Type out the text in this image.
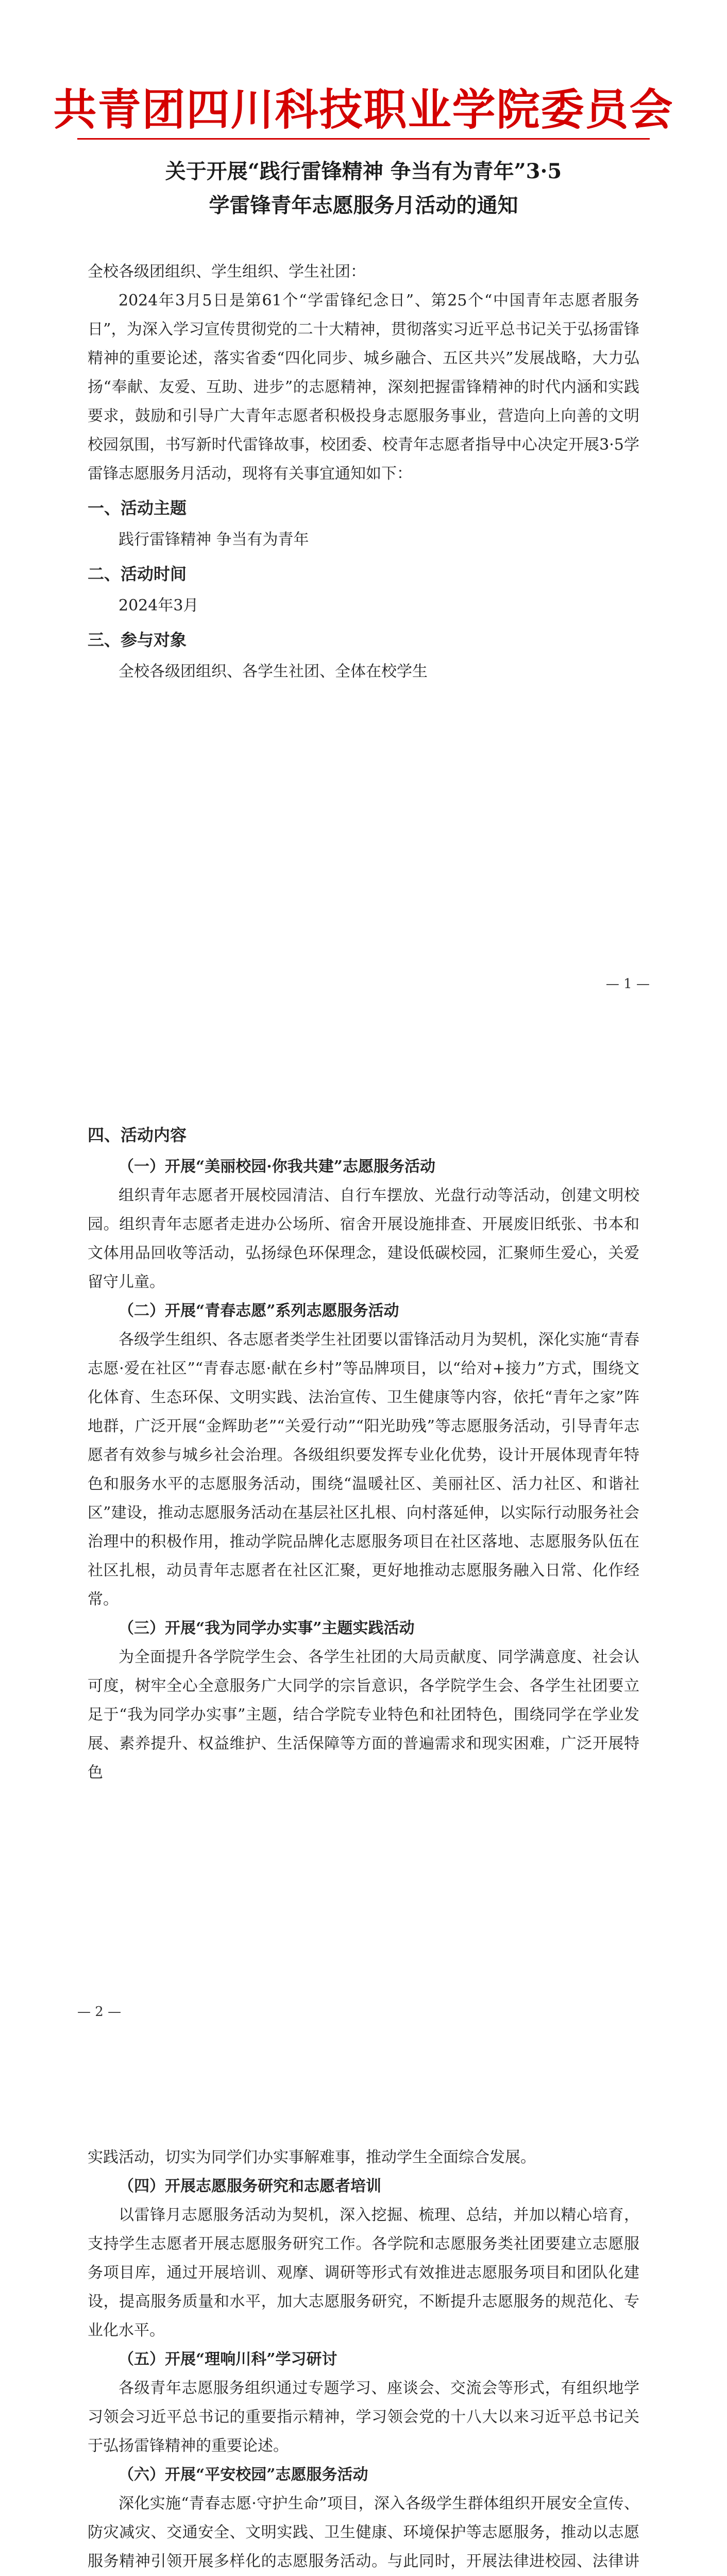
共青团四川科技职业学院委员会
关于开展“践行雷锋精神 争当有为青年”3·5
学雷锋青年志愿服务月活动的通知

全校各级团组织、学生组织、学生社团：

2024年3月5日是第61个“学雷锋纪念日”、第25个“中国青年志愿者服务日”，为深入学习宣传贯彻党的二十大精神，贯彻落实习近平总书记关于弘扬雷锋精神的重要论述，落实省委“四化同步、城乡融合、五区共兴”发展战略，大力弘扬“奉献、友爱、互助、进步”的志愿精神，深刻把握雷锋精神的时代内涵和实践要求，鼓励和引导广大青年志愿者积极投身志愿服务事业，营造向上向善的文明校园氛围，书写新时代雷锋故事，校团委、校青年志愿者指导中心决定开展3·5学雷锋志愿服务月活动，现将有关事宜通知如下：

一、活动主题

践行雷锋精神 争当有为青年

二、活动时间

2024年3月

三、参与对象

全校各级团组织、各学生社团、全体在校学生

— 1 —
四、活动内容
（一）开展“美丽校园·你我共建”志愿服务活动

组织青年志愿者开展校园清洁、自行车摆放、光盘行动等活动，创建文明校园。组织青年志愿者走进办公场所、宿舍开展设施排查、开展废旧纸张、书本和文体用品回收等活动，弘扬绿色环保理念，建设低碳校园，汇聚师生爱心，关爱留守儿童。

（二）开展“青春志愿”系列志愿服务活动

各级学生组织、各志愿者类学生社团要以雷锋活动月为契机，深化实施“青春志愿·爱在社区”“青春志愿·献在乡村”等品牌项目，以“给对+接力”方式，围绕文化体育、生态环保、文明实践、法治宣传、卫生健康等内容，依托“青年之家”阵地群，广泛开展“金辉助老”“关爱行动”“阳光助残”等志愿服务活动，引导青年志愿者有效参与城乡社会治理。各级组织要发挥专业化优势，设计开展体现青年特色和服务水平的志愿服务活动，围绕“温暖社区、美丽社区、活力社区、和谐社区”建设，推动志愿服务活动在基层社区扎根、向村落延伸，以实际行动服务社会治理中的积极作用，推动学院品牌化志愿服务项目在社区落地、志愿服务队伍在社区扎根，动员青年志愿者在社区汇聚，更好地推动志愿服务融入日常、化作经常。

（三）开展“我为同学办实事”主题实践活动

为全面提升各学院学生会、各学生社团的大局贡献度、同学满意度、社会认可度，树牢全心全意服务广大同学的宗旨意识，各学院学生会、各学生社团要立足于“我为同学办实事”主题，结合学院专业特色和社团特色，围绕同学在学业发展、素养提升、权益维护、生活保障等方面的普遍需求和现实困难，广泛开展特色

— 2 —

实践活动，切实为同学们办实事解难事，推动学生全面综合发展。

（四）开展志愿服务研究和志愿者培训

以雷锋月志愿服务活动为契机，深入挖掘、梳理、总结，并加以精心培育，支持学生志愿者开展志愿服务研究工作。各学院和志愿服务类社团要建立志愿服务项目库，通过开展培训、观摩、调研等形式有效推进志愿服务项目和团队化建设，提高服务质量和水平，加大志愿服务研究，不断提升志愿服务的规范化、专业化水平。

（五）开展“理响川科”学习研讨

各级青年志愿服务组织通过专题学习、座谈会、交流会等形式，有组织地学习领会习近平总书记的重要指示精神，学习领会党的十八大以来习近平总书记关于弘扬雷锋精神的重要论述。

（六）开展“平安校园”志愿服务活动

深化实施“青春志愿·守护生命”项目，深入各级学生群体组织开展安全宣传、防灾减灾、交通安全、文明实践、卫生健康、环境保护等志愿服务，推动以志愿服务精神引领开展多样化的志愿服务活动。与此同时，开展法律进校园、法律讲
